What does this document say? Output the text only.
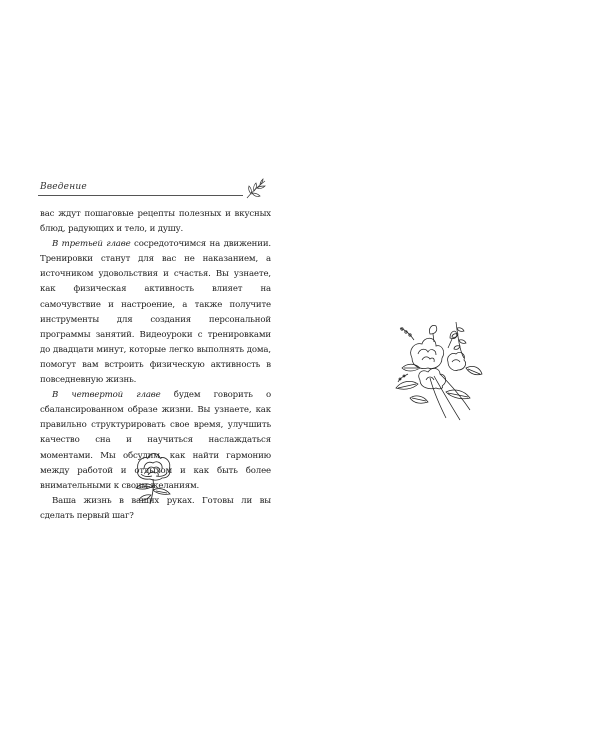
Введение

вас ждут пошаговые рецепты полезных и вкусных блюд, радующих и тело, и душу.

В третьей главе сосредоточимся на движении. Тренировки станут для вас не наказанием, а источником удовольствия и счастья. Вы узнаете, как физическая активность влияет на самочувствие и настроение, а также получите инструменты для создания персональной программы занятий. Видеоуроки с тренировками до двадцати минут, которые легко выполнять дома, помогут вам встроить физическую активность в повседневную жизнь.

В четвертой главе будем говорить о сбалансированном образе жизни. Вы узнаете, как правильно структурировать свое время, улучшить качество сна и научиться наслаждаться моментами. Мы обсудим, как найти гармонию между работой и отдыхом и как быть более внимательными к своим желаниям.

Ваша жизнь в ваших руках. Готовы ли вы сделать первый шаг?
